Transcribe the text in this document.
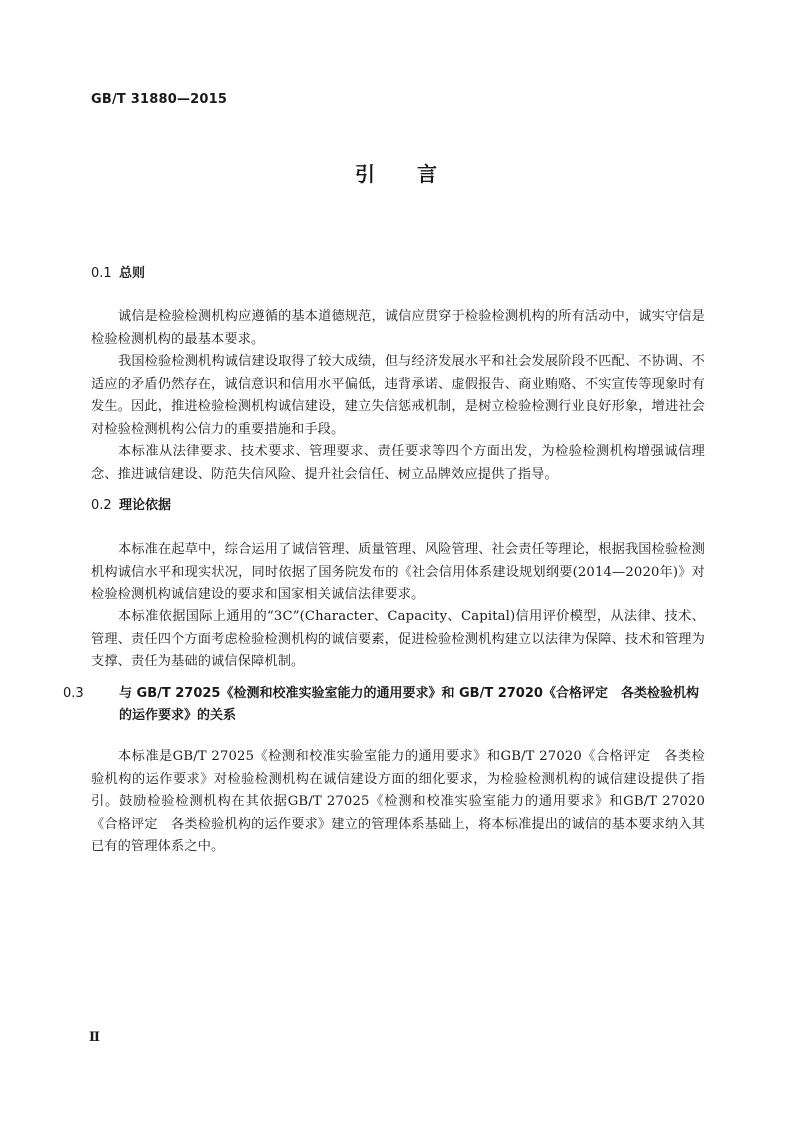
GB/T 31880—2015
引 言
0.1 总则
诚信是检验检测机构应遵循的基本道德规范，诚信应贯穿于检验检测机构的所有活动中，诚实守信是检验检测机构的最基本要求。
我国检验检测机构诚信建设取得了较大成绩，但与经济发展水平和社会发展阶段不匹配、不协调、不适应的矛盾仍然存在，诚信意识和信用水平偏低，违背承诺、虚假报告、商业贿赂、不实宣传等现象时有发生。因此，推进检验检测机构诚信建设，建立失信惩戒机制，是树立检验检测行业良好形象，增进社会对检验检测机构公信力的重要措施和手段。
本标准从法律要求、技术要求、管理要求、责任要求等四个方面出发，为检验检测机构增强诚信理念、推进诚信建设、防范失信风险、提升社会信任、树立品牌效应提供了指导。
0.2 理论依据
本标准在起草中，综合运用了诚信管理、质量管理、风险管理、社会责任等理论，根据我国检验检测机构诚信水平和现实状况，同时依据了国务院发布的《社会信用体系建设规划纲要(2014—2020年)》对检验检测机构诚信建设的要求和国家相关诚信法律要求。
本标准依据国际上通用的“3C”(Character、Capacity、Capital)信用评价模型，从法律、技术、管理、责任四个方面考虑检验检测机构的诚信要素，促进检验检测机构建立以法律为保障、技术和管理为支撑、责任为基础的诚信保障机制。
0.3	与 GB/T 27025《检测和校准实验室能力的通用要求》和 GB/T 27020《合格评定　各类检验机构的运作要求》的关系
本标准是GB/T 27025《检测和校准实验室能力的通用要求》和GB/T 27020《合格评定　各类检验机构的运作要求》对检验检测机构在诚信建设方面的细化要求，为检验检测机构的诚信建设提供了指引。鼓励检验检测机构在其依据GB/T 27025《检测和校准实验室能力的通用要求》和GB/T 27020《合格评定　各类检验机构的运作要求》建立的管理体系基础上，将本标准提出的诚信的基本要求纳入其已有的管理体系之中。
Ⅱ
